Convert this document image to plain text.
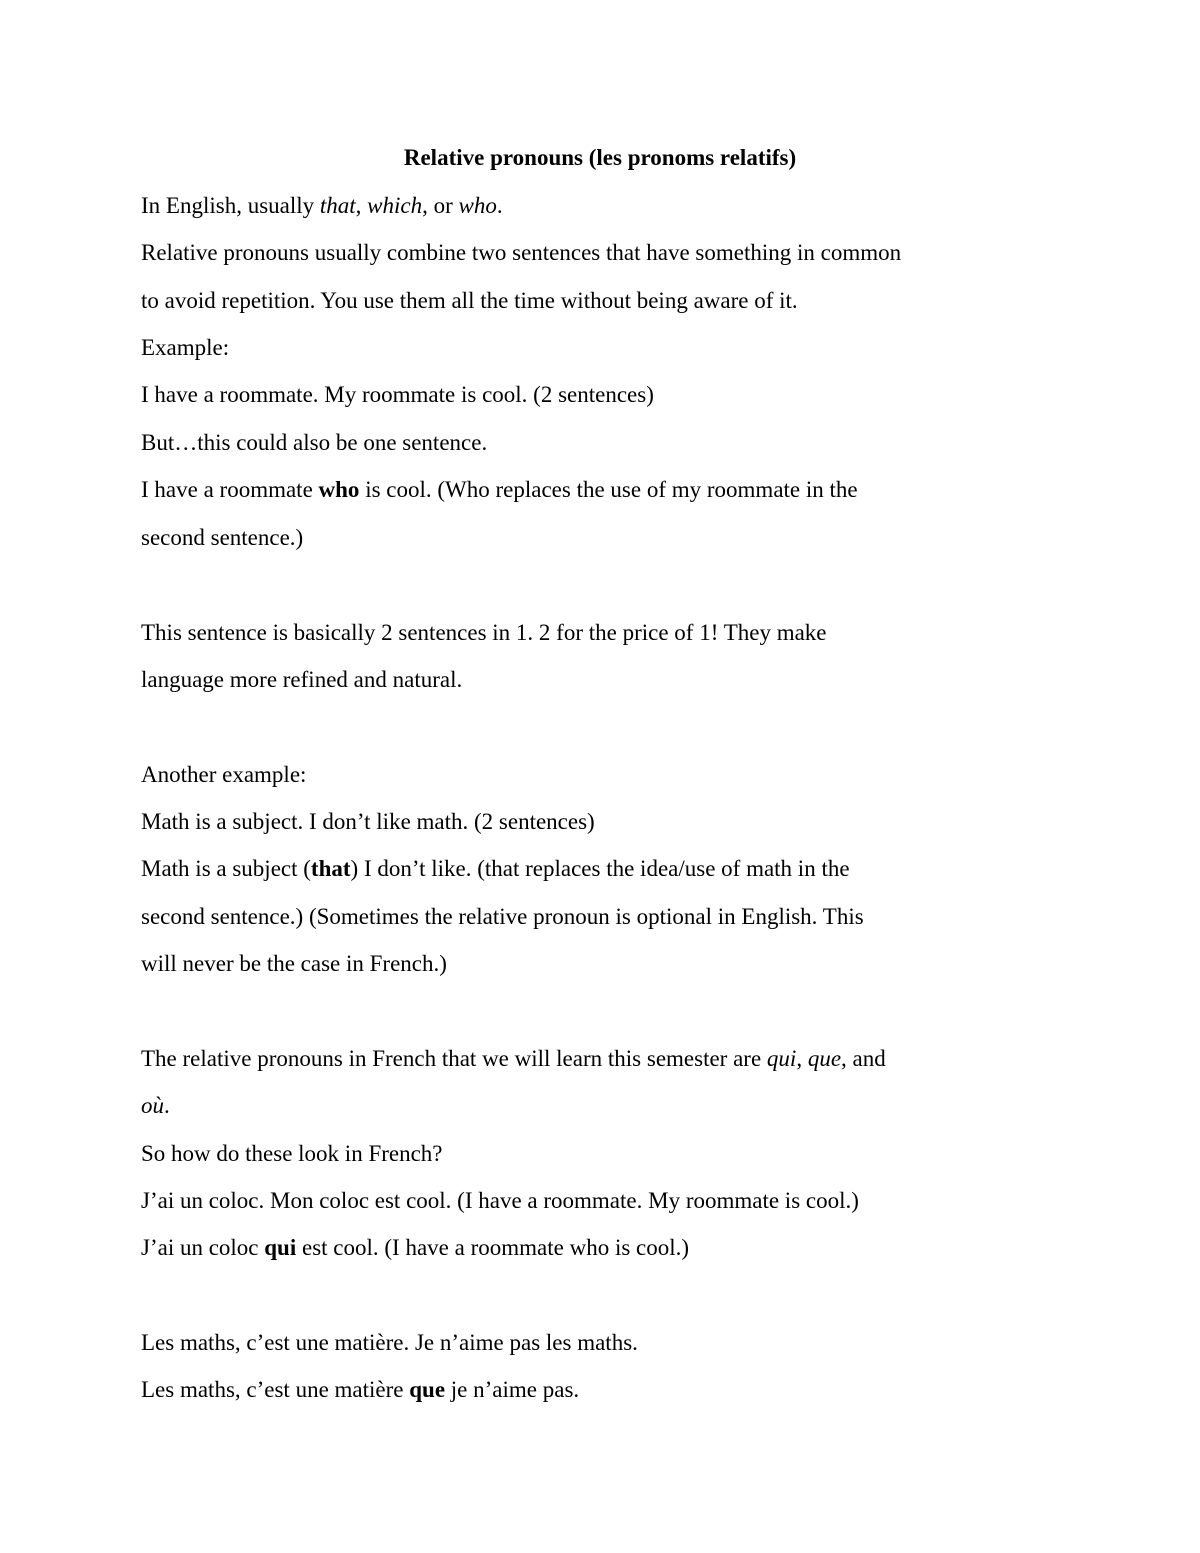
Relative pronouns (les pronoms relatifs)
In English, usually that, which, or who.
Relative pronouns usually combine two sentences that have something in common
to avoid repetition. You use them all the time without being aware of it.
Example:
I have a roommate. My roommate is cool. (2 sentences)
But…this could also be one sentence.
I have a roommate who is cool. (Who replaces the use of my roommate in the
second sentence.)
This sentence is basically 2 sentences in 1. 2 for the price of 1! They make
language more refined and natural.
Another example:
Math is a subject. I don’t like math. (2 sentences)
Math is a subject (that) I don’t like. (that replaces the idea/use of math in the
second sentence.) (Sometimes the relative pronoun is optional in English. This
will never be the case in French.)
The relative pronouns in French that we will learn this semester are qui, que, and
où.
So how do these look in French?
J’ai un coloc. Mon coloc est cool. (I have a roommate. My roommate is cool.)
J’ai un coloc qui est cool. (I have a roommate who is cool.)
Les maths, c’est une matière. Je n’aime pas les maths.
Les maths, c’est une matière que je n’aime pas.
